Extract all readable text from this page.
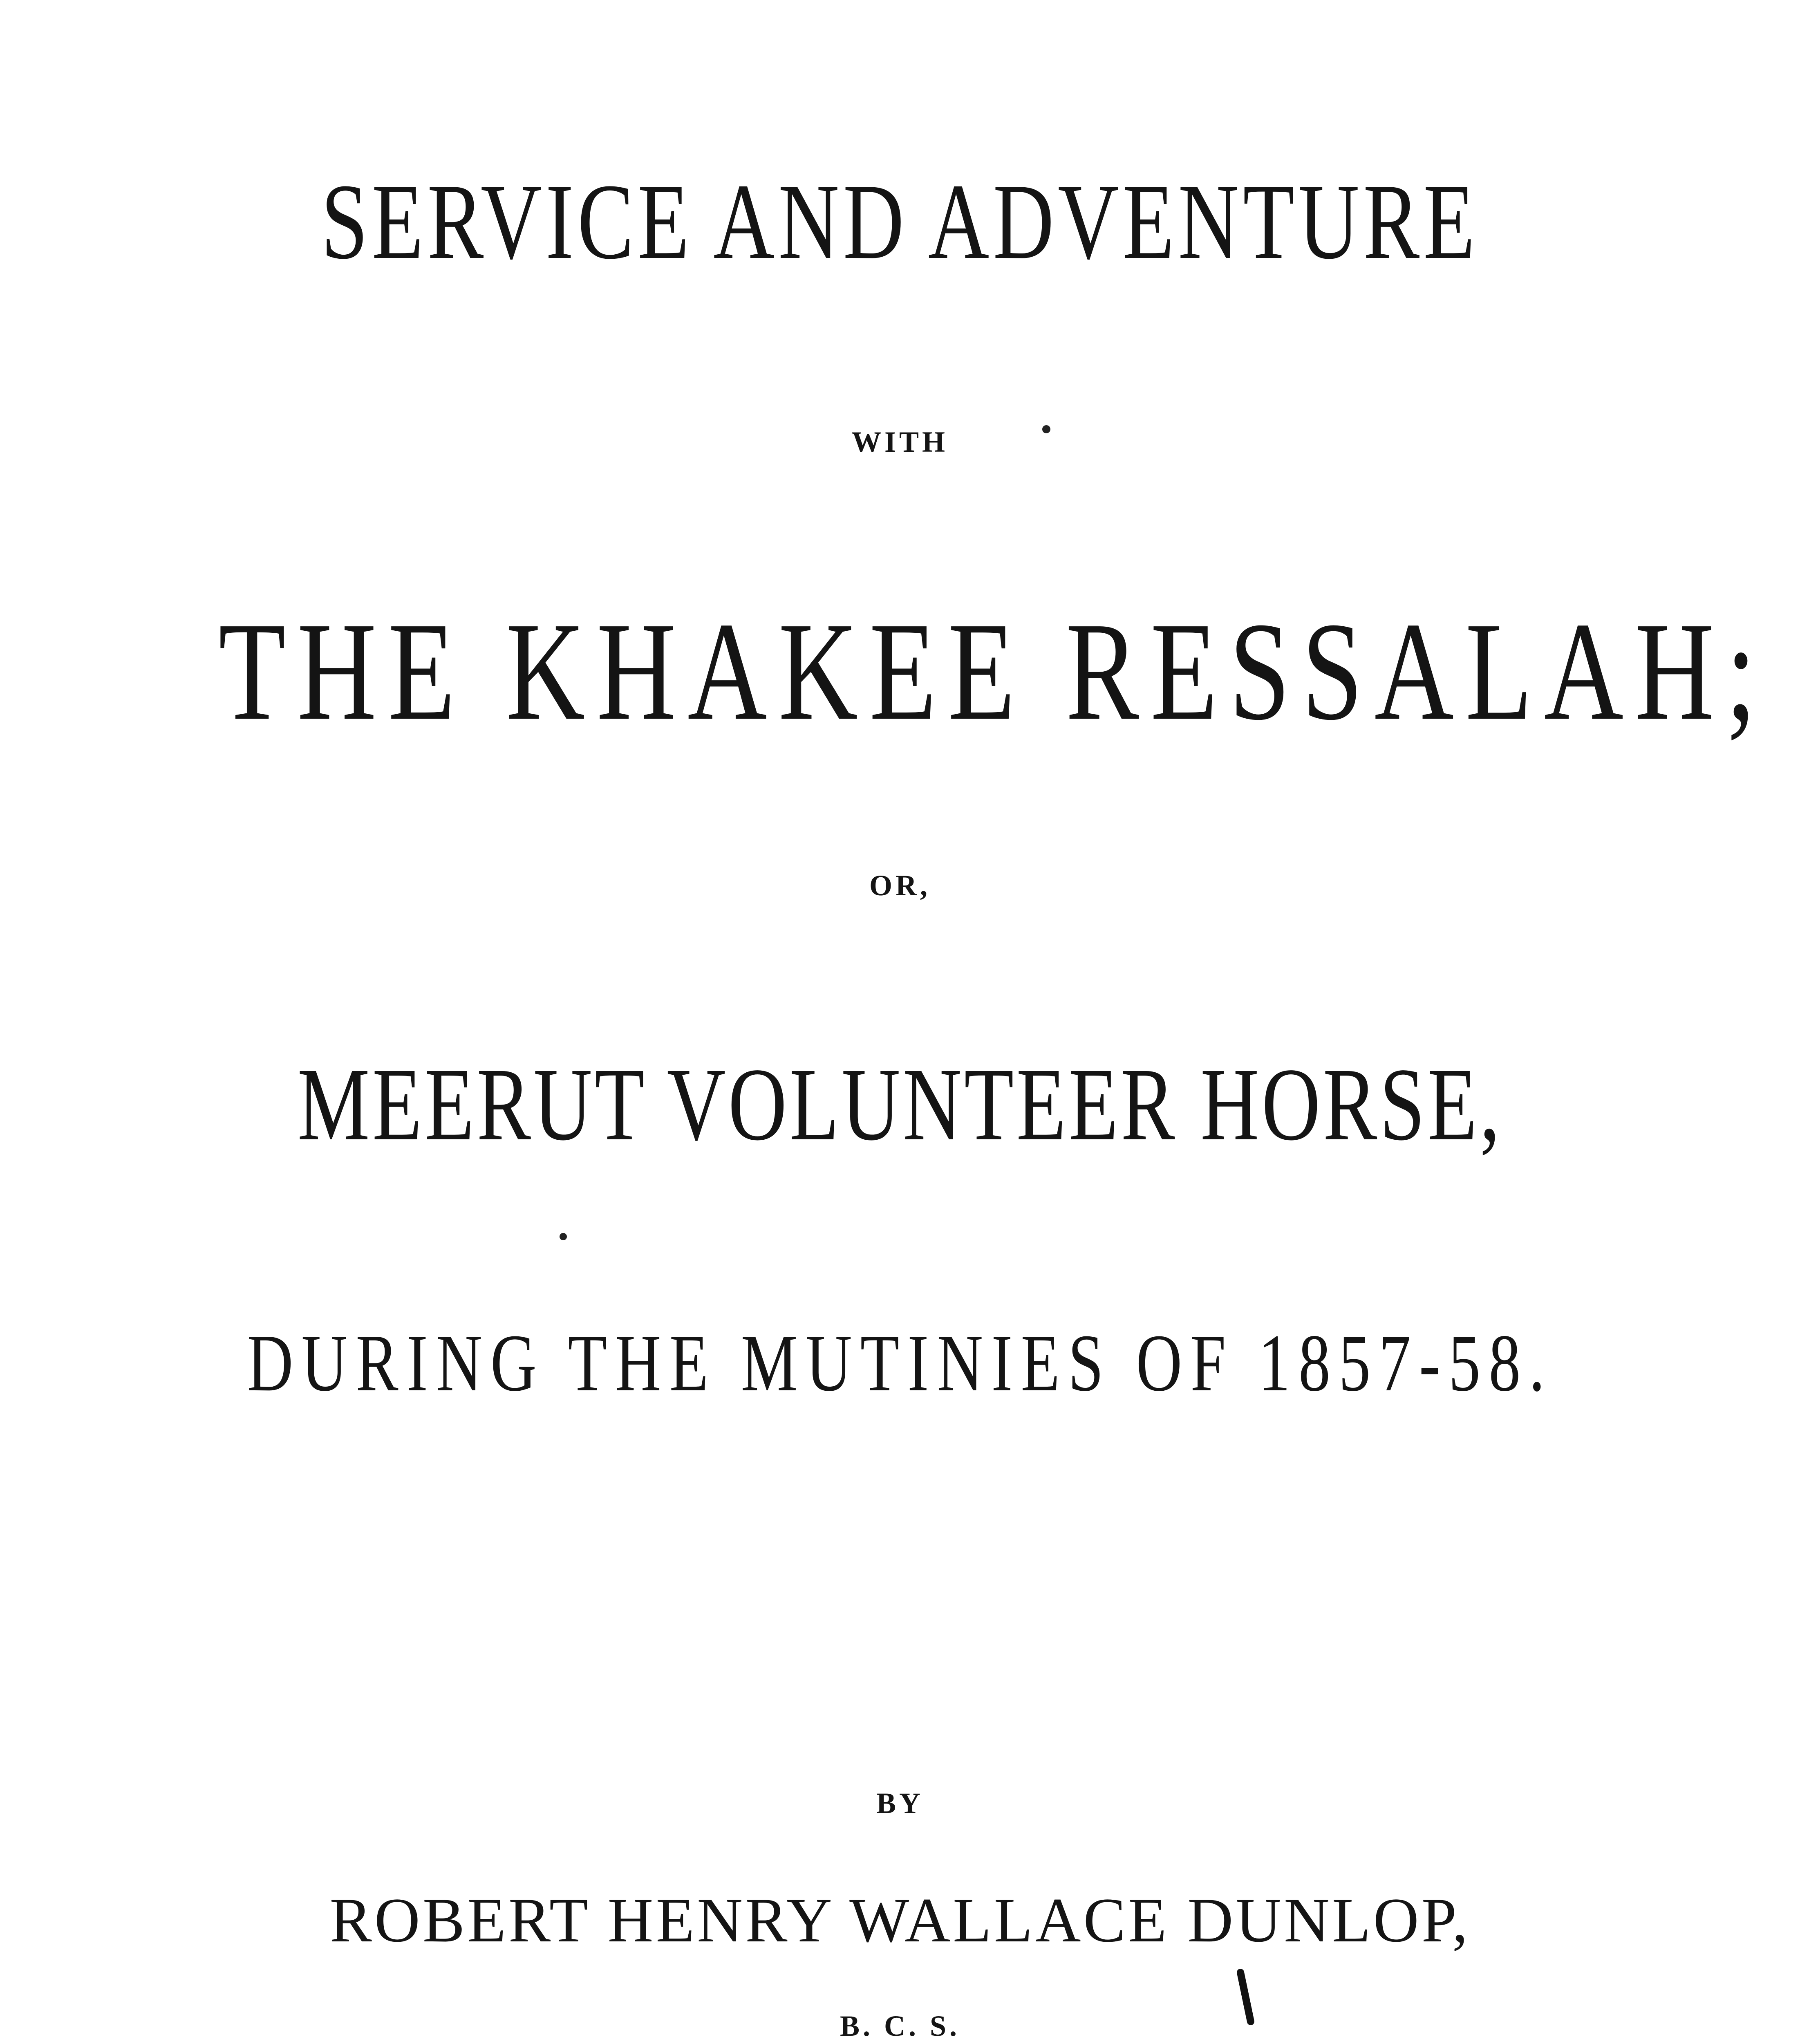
SERVICE AND ADVENTURE
WITH
THE KHAKEE RESSALAH;
OR,
MEERUT VOLUNTEER HORSE,
DURING THE MUTINIES OF 1857-58.
BY
ROBERT HENRY WALLACE DUNLOP,
B. C. S.
